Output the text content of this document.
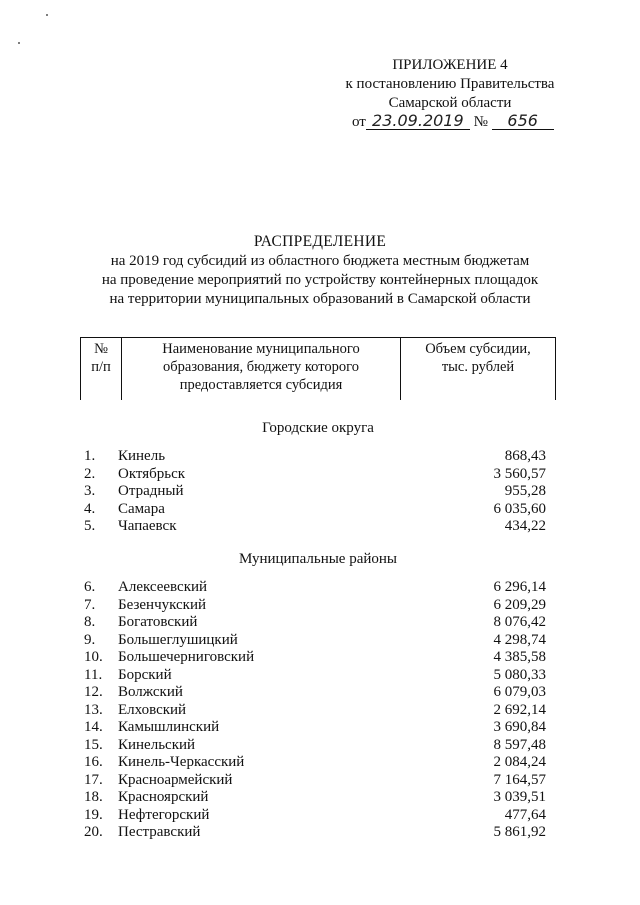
ПРИЛОЖЕНИЕ 4
к постановлению Правительства
Самарской области
от 23.09.2019 № 656
РАСПРЕДЕЛЕНИЕ
на 2019 год субсидий из областного бюджета местным бюджетам
на проведение мероприятий по устройству контейнерных площадок
на территории муниципальных образований в Самарской области
№
п/п

Наименование муниципального
образования, бюджету которого
предоставляется субсидия

Объем субсидии,
тыс. рублей
Городские округа
1. Кинель	868,43
2. Октябрьск	3 560,57
3. Отрадный	955,28
4. Самара	6 035,60
5. Чапаевск	434,22
Муниципальные районы
6. Алексеевский	6 296,14
7. Безенчукский	6 209,29
8. Богатовский	8 076,42
9. Большеглушицкий	4 298,74
10. Большечерниговский	4 385,58
11. Борский	5 080,33
12. Волжский	6 079,03
13. Елховский	2 692,14
14. Камышлинский	3 690,84
15. Кинельский	8 597,48
16. Кинель-Черкасский	2 084,24
17. Красноармейский	7 164,57
18. Красноярский	3 039,51
19. Нефтегорский	477,64
20. Пестравский	5 861,92
